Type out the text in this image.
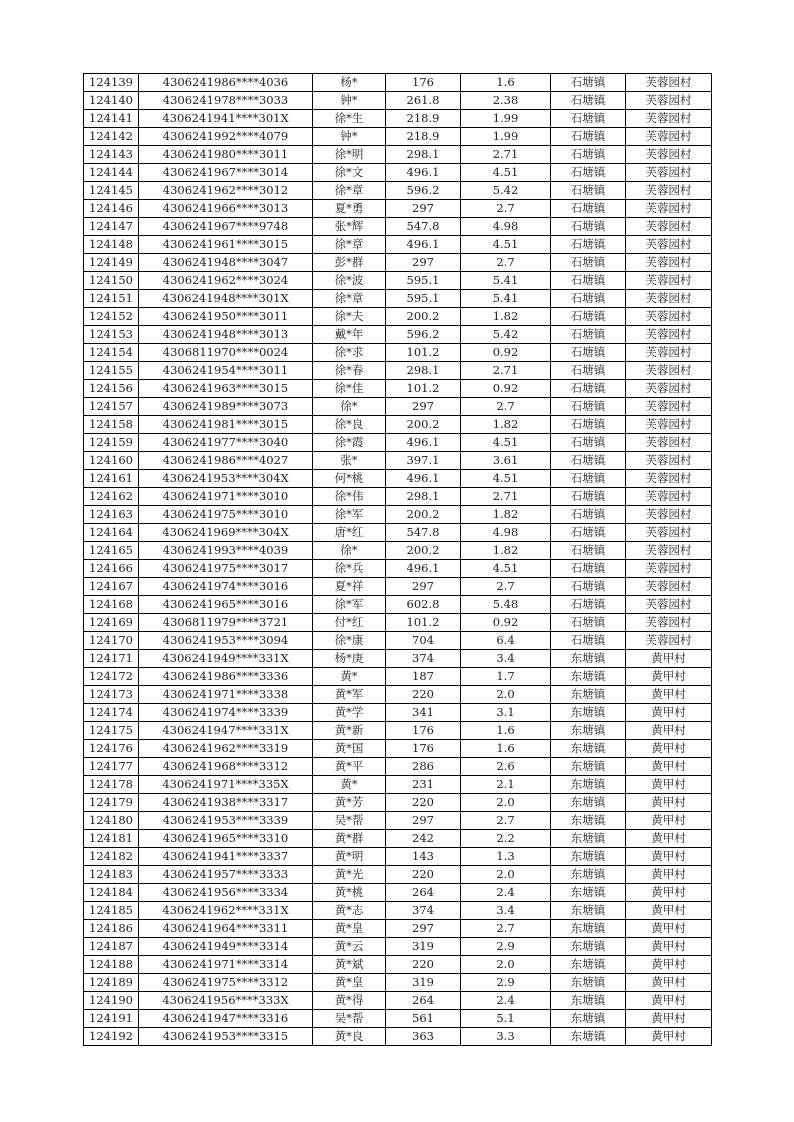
124139	4306241986****4036	杨*	176	1.6	石塘镇	芙蓉园村
124140	4306241978****3033	钟*	261.8	2.38	石塘镇	芙蓉园村
124141	4306241941****301X	徐*生	218.9	1.99	石塘镇	芙蓉园村
124142	4306241992****4079	钟*	218.9	1.99	石塘镇	芙蓉园村
124143	4306241980****3011	徐*明	298.1	2.71	石塘镇	芙蓉园村
124144	4306241967****3014	徐*文	496.1	4.51	石塘镇	芙蓉园村
124145	4306241962****3012	徐*章	596.2	5.42	石塘镇	芙蓉园村
124146	4306241966****3013	夏*勇	297	2.7	石塘镇	芙蓉园村
124147	4306241967****9748	张*辉	547.8	4.98	石塘镇	芙蓉园村
124148	4306241961****3015	徐*章	496.1	4.51	石塘镇	芙蓉园村
124149	4306241948****3047	彭*群	297	2.7	石塘镇	芙蓉园村
124150	4306241962****3024	徐*波	595.1	5.41	石塘镇	芙蓉园村
124151	4306241948****301X	徐*章	595.1	5.41	石塘镇	芙蓉园村
124152	4306241950****3011	徐*夫	200.2	1.82	石塘镇	芙蓉园村
124153	4306241948****3013	戴*年	596.2	5.42	石塘镇	芙蓉园村
124154	4306811970****0024	徐*求	101.2	0.92	石塘镇	芙蓉园村
124155	4306241954****3011	徐*春	298.1	2.71	石塘镇	芙蓉园村
124156	4306241963****3015	徐*佳	101.2	0.92	石塘镇	芙蓉园村
124157	4306241989****3073	徐*	297	2.7	石塘镇	芙蓉园村
124158	4306241981****3015	徐*良	200.2	1.82	石塘镇	芙蓉园村
124159	4306241977****3040	徐*霞	496.1	4.51	石塘镇	芙蓉园村
124160	4306241986****4027	张*	397.1	3.61	石塘镇	芙蓉园村
124161	4306241953****304X	何*桃	496.1	4.51	石塘镇	芙蓉园村
124162	4306241971****3010	徐*伟	298.1	2.71	石塘镇	芙蓉园村
124163	4306241975****3010	徐*军	200.2	1.82	石塘镇	芙蓉园村
124164	4306241969****304X	唐*红	547.8	4.98	石塘镇	芙蓉园村
124165	4306241993****4039	徐*	200.2	1.82	石塘镇	芙蓉园村
124166	4306241975****3017	徐*兵	496.1	4.51	石塘镇	芙蓉园村
124167	4306241974****3016	夏*祥	297	2.7	石塘镇	芙蓉园村
124168	4306241965****3016	徐*军	602.8	5.48	石塘镇	芙蓉园村
124169	4306811979****3721	付*红	101.2	0.92	石塘镇	芙蓉园村
124170	4306241953****3094	徐*康	704	6.4	石塘镇	芙蓉园村
124171	4306241949****331X	杨*庚	374	3.4	东塘镇	黄甲村
124172	4306241986****3336	黄*	187	1.7	东塘镇	黄甲村
124173	4306241971****3338	黄*军	220	2.0	东塘镇	黄甲村
124174	4306241974****3339	黄*学	341	3.1	东塘镇	黄甲村
124175	4306241947****331X	黄*新	176	1.6	东塘镇	黄甲村
124176	4306241962****3319	黄*国	176	1.6	东塘镇	黄甲村
124177	4306241968****3312	黄*平	286	2.6	东塘镇	黄甲村
124178	4306241971****335X	黄*	231	2.1	东塘镇	黄甲村
124179	4306241938****3317	黄*芳	220	2.0	东塘镇	黄甲村
124180	4306241953****3339	吴*帮	297	2.7	东塘镇	黄甲村
124181	4306241965****3310	黄*群	242	2.2	东塘镇	黄甲村
124182	4306241941****3337	黄*明	143	1.3	东塘镇	黄甲村
124183	4306241957****3333	黄*光	220	2.0	东塘镇	黄甲村
124184	4306241956****3334	黄*桃	264	2.4	东塘镇	黄甲村
124185	4306241962****331X	黄*志	374	3.4	东塘镇	黄甲村
124186	4306241964****3311	黄*皇	297	2.7	东塘镇	黄甲村
124187	4306241949****3314	黄*云	319	2.9	东塘镇	黄甲村
124188	4306241971****3314	黄*斌	220	2.0	东塘镇	黄甲村
124189	4306241975****3312	黄*皇	319	2.9	东塘镇	黄甲村
124190	4306241956****333X	黄*得	264	2.4	东塘镇	黄甲村
124191	4306241947****3316	吴*帮	561	5.1	东塘镇	黄甲村
124192	4306241953****3315	黄*良	363	3.3	东塘镇	黄甲村
